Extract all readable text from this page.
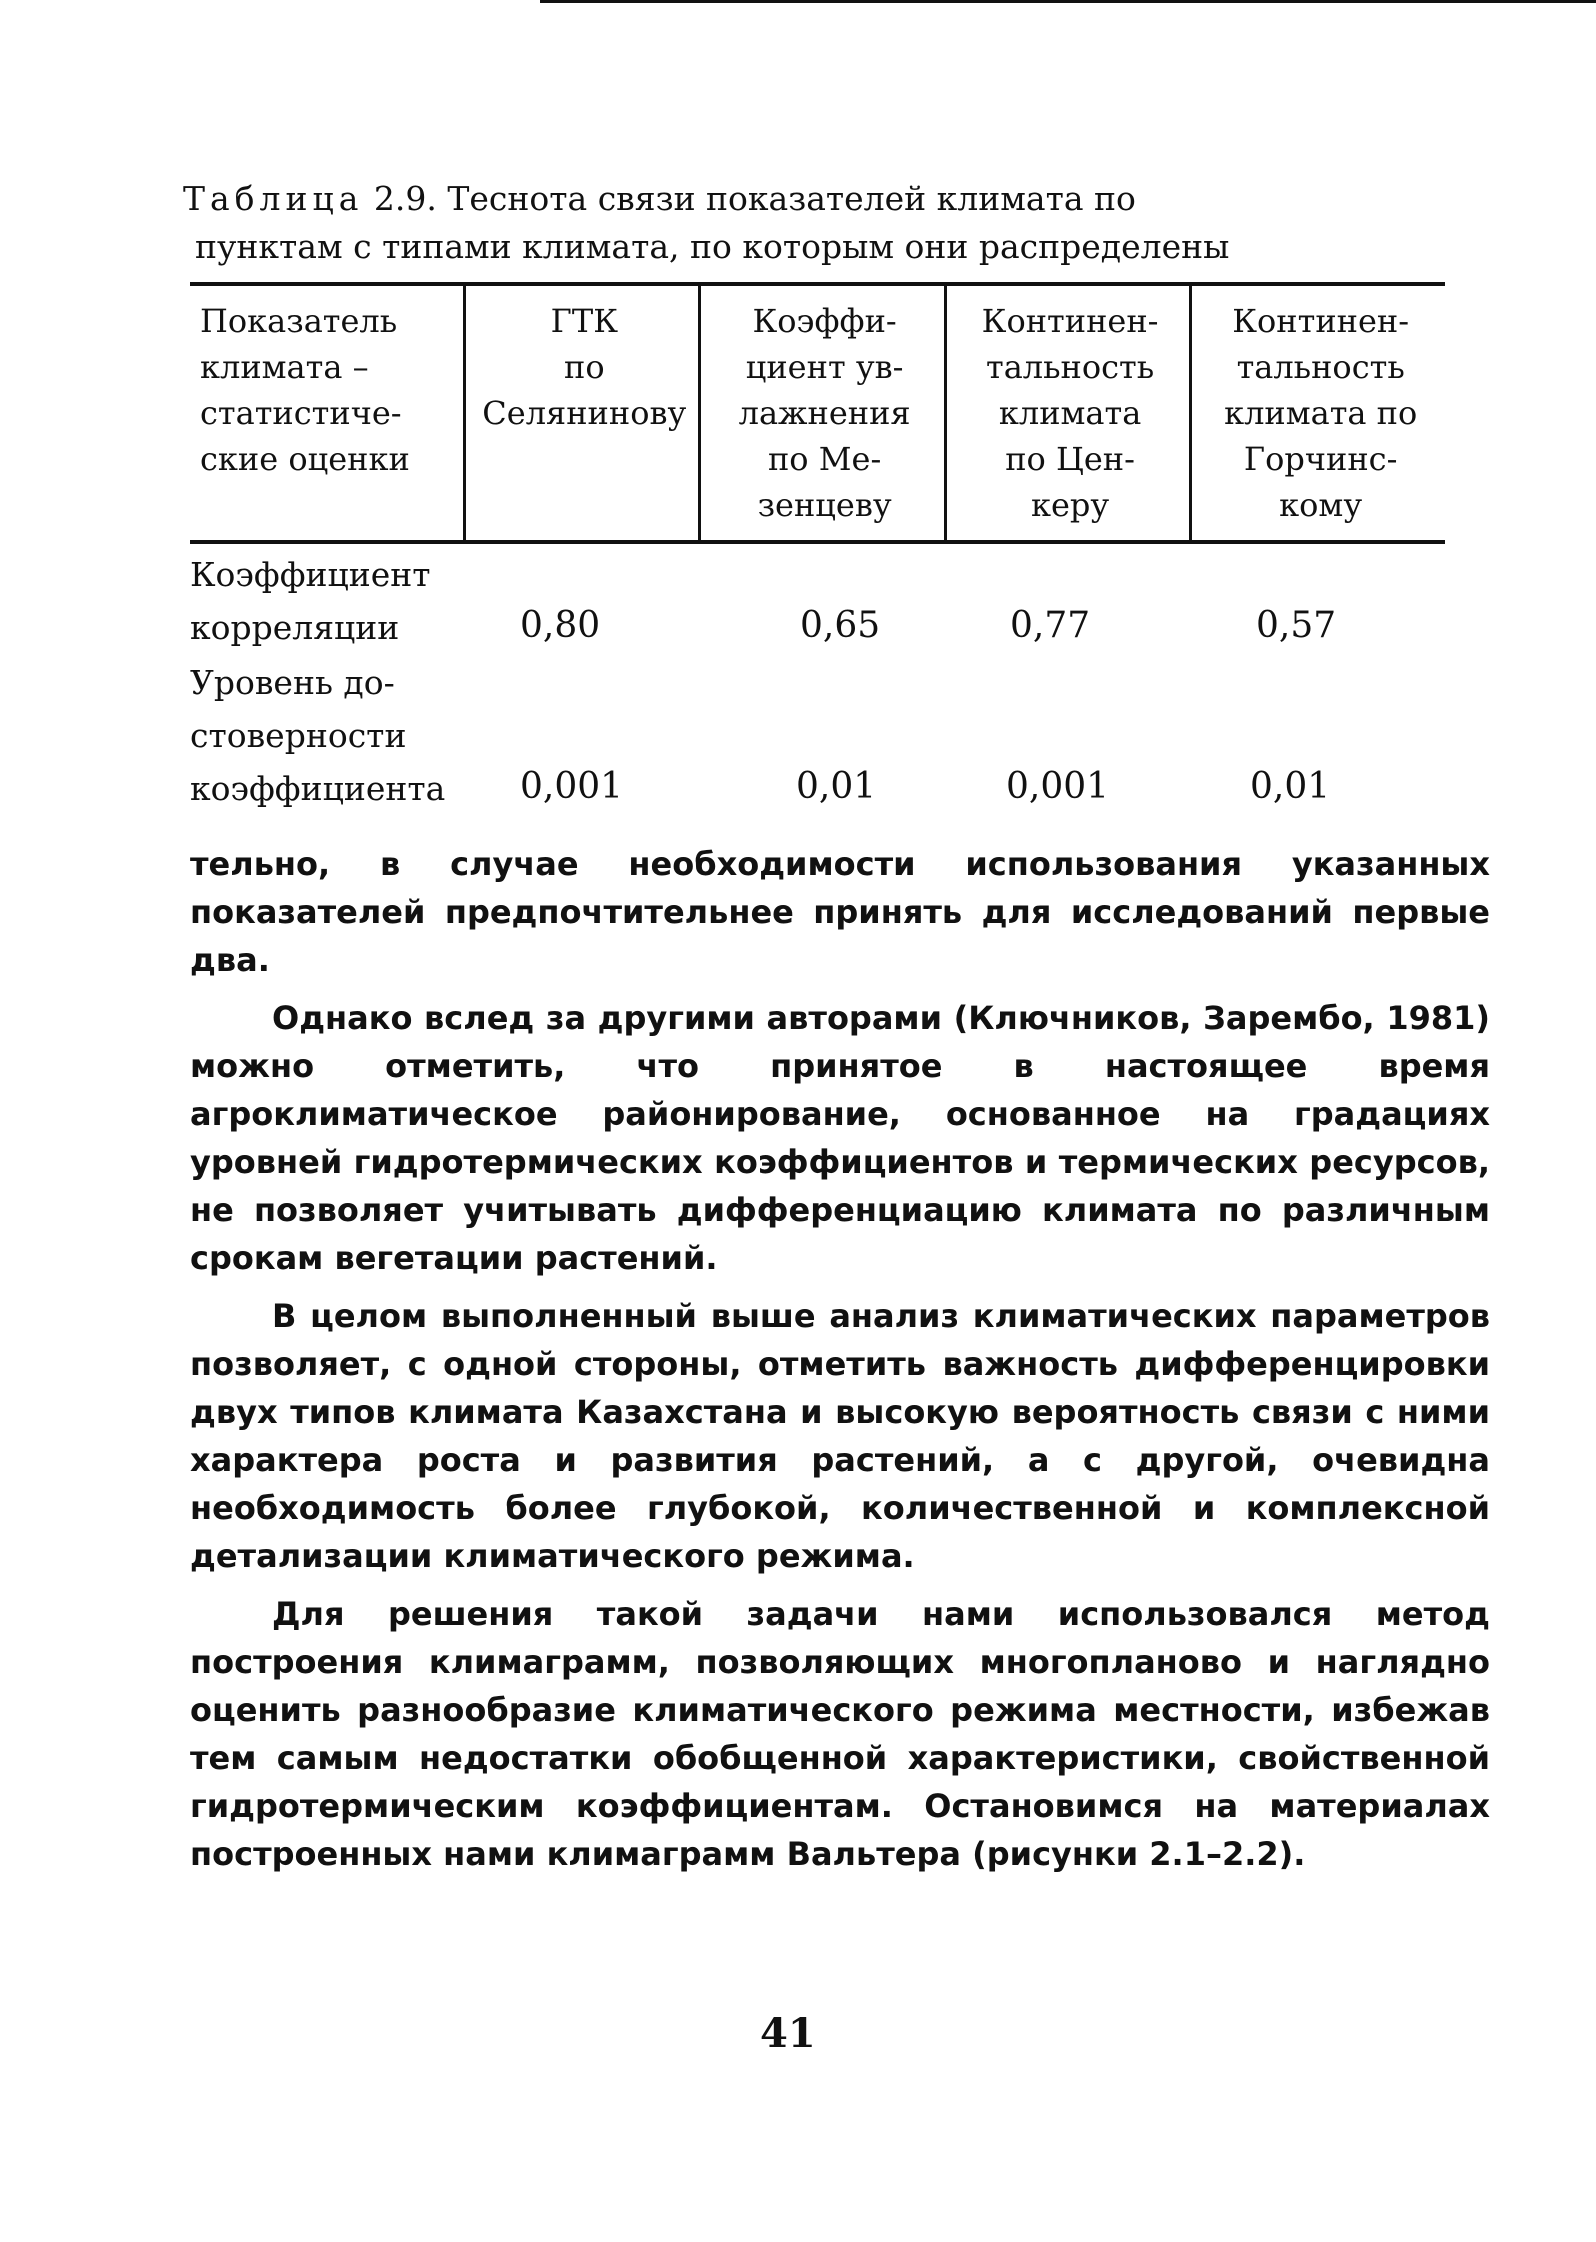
Таблица 2.9. Теснота связи показателей климата по
пунктам с типами климата, по которым они распределены
Показатель
климата –
статистиче-
ские оценки

ГТК
по
Селянинову

Коэффи-
циент ув-
лажнения
по Ме-
зенцеву

Континен-
тальность
климата
по Цен-
керу

Континен-
тальность
климата по
Горчинс-
кому
Коэффициент
корреляции	0,80	0,65	0,77	0,57
Уровень до-
стоверности
коэффициента 0,001	0,01	0,001	0,01

тельно, в случае необходимости использования указанных показателей предпочтительнее принять для исследований первые два.

Однако вслед за другими авторами (Ключников, Зарембо, 1981) можно отметить, что принятое в настоящее время агроклиматическое районирование, основанное на градациях уровней гидротермических коэффициентов и термических ресурсов, не позволяет учитывать дифференциацию климата по различным срокам вегетации растений.

В целом выполненный выше анализ климатических параметров позволяет, с одной стороны, отметить важность дифференцировки двух типов климата Казахстана и высокую вероятность связи с ними характера роста и развития растений, а с другой, очевидна необходимость более глубокой, количественной и комплексной детализации климатического режима.

Для решения такой задачи нами использовался метод построения климаграмм, позволяющих многопланово и наглядно оценить разнообразие климатического режима местности, избежав тем самым недостатки обобщенной характеристики, свойственной гидротермическим коэффициентам. Остановимся на материалах построенных нами климаграмм Вальтера (рисунки 2.1–2.2).

41
